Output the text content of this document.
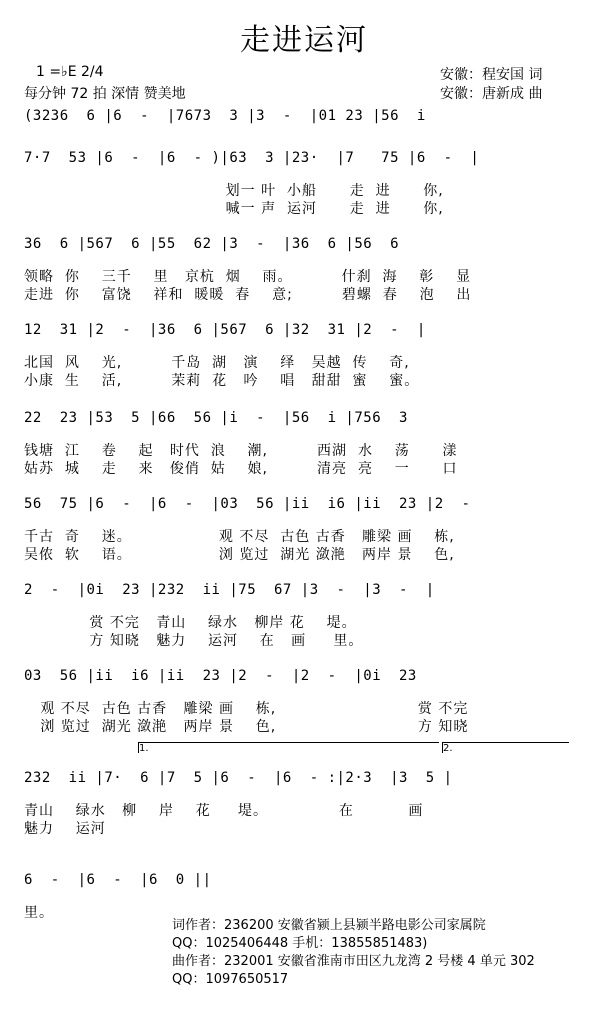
走进运河
1 =♭E 2/4
每分钟 72 拍 深情 赞美地
安徽：程安国 词
安徽：唐新成 曲
(3236  6 |6  -  |7673  3 |3  -  |01 23 |56  i
7·7  53 |6  -  |6  - )|63  3 |23·  |7   75 |6  -  |
划一 叶  小船      走  进      你,
喊一 声  运河      走  进      你,
36  6 |567  6 |55  62 |3  -  |36  6 |56  6
领略  你    三千    里   京杭  烟    雨。         什刹  海    彰    显
走进  你    富饶    祥和  暖暖  春    意;         碧螺  春    泡    出
12  31 |2  -  |36  6 |567  6 |32  31 |2  -  |
北国  风    光,         千岛  湖   演    绎   吴越  传    奇,
小康  生    活,         茉莉  花   吟    唱   甜甜  蜜    蜜。
22  23 |53  5 |66  56 |i  -  |56  i |756  3
钱塘  江    卷    起   时代  浪    潮,         西湖  水    荡      漾
姑苏  城    走    来   俊俏  姑    娘,         清亮  亮    一      口
56  75 |6  -  |6  -  |03  56 |ii  i6 |ii  23 |2  -
千古  奇    迷。                观 不尽  古色 古香   雕梁 画    栋,
吴侬  软    语。                浏 览过  湖光 潋滟   两岸 景    色,
2  -  |0i  23 |232  ii |75  67 |3  -  |3  -  |
赏 不完   青山    绿水   柳岸 花    堤。
方 知晓   魅力    运河    在   画     里。
03  56 |ii  i6 |ii  23 |2  -  |2  -  |0i  23
观 不尽  古色 古香   雕梁 画    栋,                          赏 不完
浏 览过  湖光 潋滟   两岸 景    色,                          方 知晓
1.	2.
232  ii |7·  6 |7  5 |6  -  |6  - :|2·3  |3  5 |
青山    绿水   柳    岸    花     堤。             在          画
魅力    运河
6  -  |6  -  |6  0 ||
里。
词作者：236200 安徽省颍上县颍半路电影公司家属院
QQ：1025406448 手机：13855851483)
曲作者：232001 安徽省淮南市田区九龙湾 2 号楼 4 单元 302
QQ：1097650517
